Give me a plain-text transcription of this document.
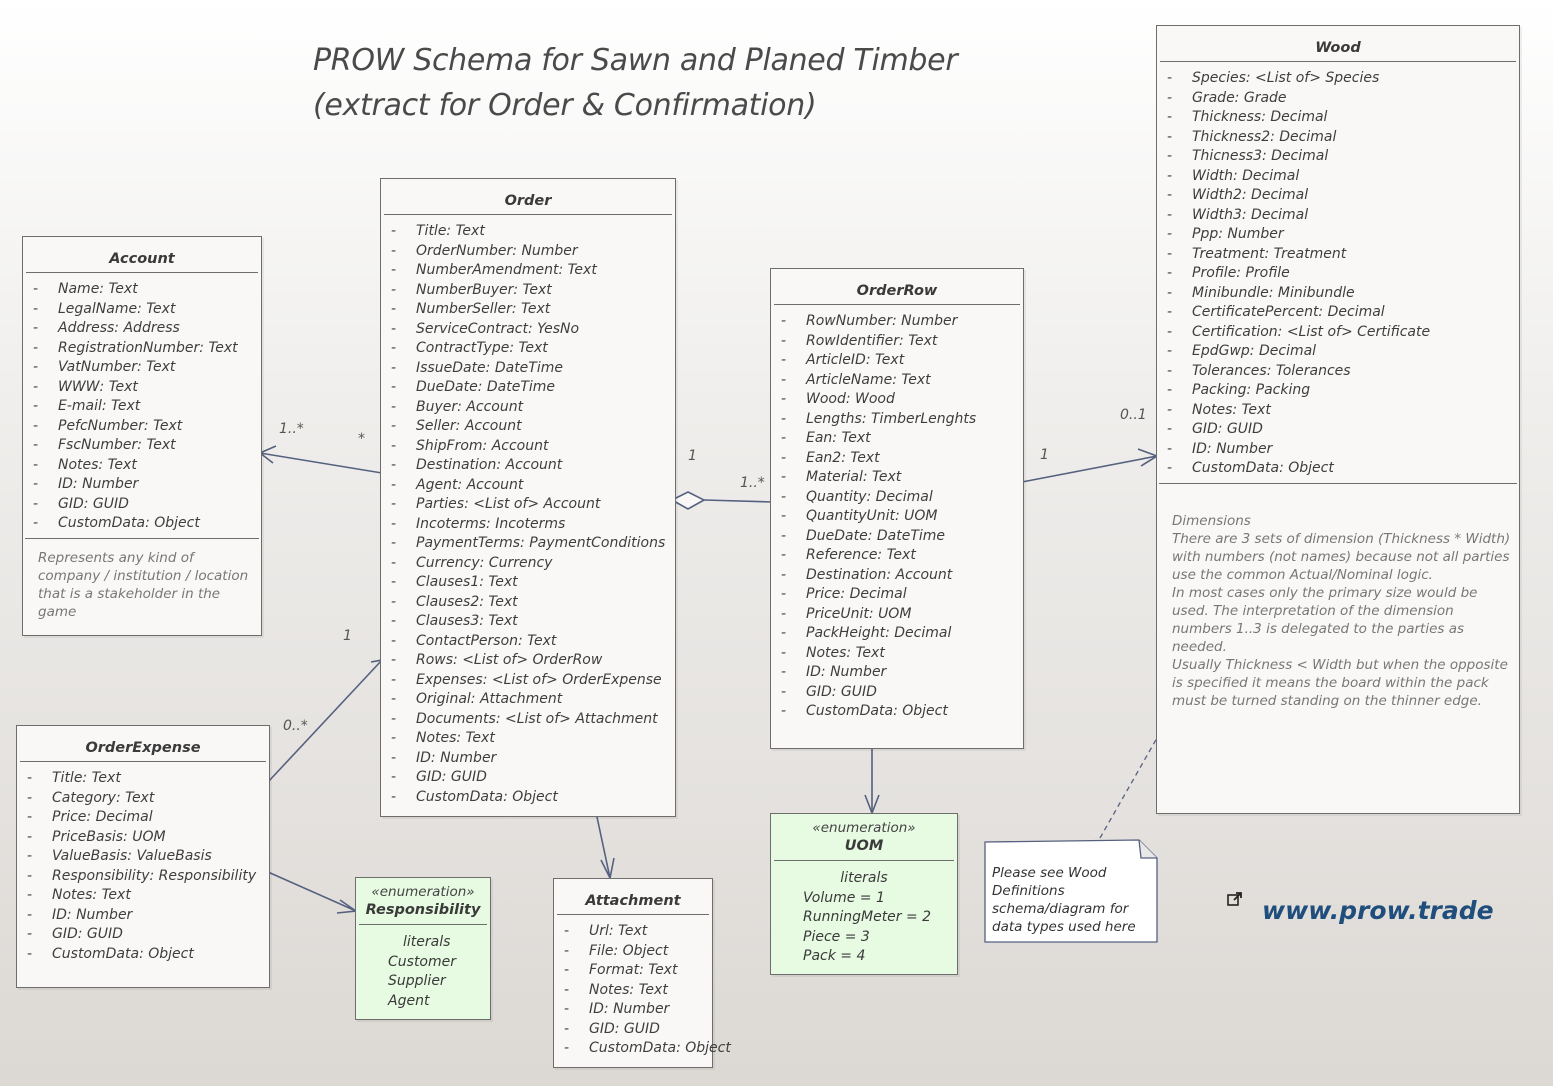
PROW Schema for Sawn and Planed Timber
(extract for Order & Confirmation)
1..*
*
1
1..*
1
0..1
1
0..*
Account
- Name: Text
- LegalName: Text
- Address: Address
- RegistrationNumber: Text
- VatNumber: Text
- WWW: Text
- E-mail: Text
- PefcNumber: Text
- FscNumber: Text
- Notes: Text
- ID: Number
- GID: GUID
- CustomData: Object
Represents any kind of company / institution / location that is a stakeholder in the game
Order
- Title: Text
- OrderNumber: Number
- NumberAmendment: Text
- NumberBuyer: Text
- NumberSeller: Text
- ServiceContract: YesNo
- ContractType: Text
- IssueDate: DateTime
- DueDate: DateTime
- Buyer: Account
- Seller: Account
- ShipFrom: Account
- Destination: Account
- Agent: Account
- Parties: <List of> Account
- Incoterms: Incoterms
- PaymentTerms: PaymentConditions
- Currency: Currency
- Clauses1: Text
- Clauses2: Text
- Clauses3: Text
- ContactPerson: Text
- Rows: <List of> OrderRow
- Expenses: <List of> OrderExpense
- Original: Attachment
- Documents: <List of> Attachment
- Notes: Text
- ID: Number
- GID: GUID
- CustomData: Object
OrderRow
- RowNumber: Number
- RowIdentifier: Text
- ArticleID: Text
- ArticleName: Text
- Wood: Wood
- Lengths: TimberLenghts
- Ean: Text
- Ean2: Text
- Material: Text
- Quantity: Decimal
- QuantityUnit: UOM
- DueDate: DateTime
- Reference: Text
- Destination: Account
- Price: Decimal
- PriceUnit: UOM
- PackHeight: Decimal
- Notes: Text
- ID: Number
- GID: GUID
- CustomData: Object
Wood
- Species: <List of> Species
- Grade: Grade
- Thickness: Decimal
- Thickness2: Decimal
- Thicness3: Decimal
- Width: Decimal
- Width2: Decimal
- Width3: Decimal
- Ppp: Number
- Treatment: Treatment
- Profile: Profile
- Minibundle: Minibundle
- CertificatePercent: Decimal
- Certification: <List of> Certificate
- EpdGwp: Decimal
- Tolerances: Tolerances
- Packing: Packing
- Notes: Text
- GID: GUID
- ID: Number
- CustomData: Object
Dimensions
There are 3 sets of dimension (Thickness * Width) with numbers (not names) because not all parties use the common Actual/Nominal logic.
In most cases only the primary size would be used. The interpretation of the dimension numbers 1..3 is delegated to the parties as needed.
Usually Thickness < Width but when the opposite is specified it means the board within the pack must be turned standing on the thinner edge.
OrderExpense
- Title: Text
- Category: Text
- Price: Decimal
- PriceBasis: UOM
- ValueBasis: ValueBasis
- Responsibility: Responsibility
- Notes: Text
- ID: Number
- GID: GUID
- CustomData: Object
Attachment
- Url: Text
- File: Object
- Format: Text
- Notes: Text
- ID: Number
- GID: GUID
- CustomData: Object
«enumeration»
Responsibility
literals
Customer
Supplier
Agent
«enumeration»
UOM
literals
Volume = 1
RunningMeter = 2
Piece = 3
Pack = 4
Please see Wood Definitions schema/diagram for data types used here
www.prow.trade
